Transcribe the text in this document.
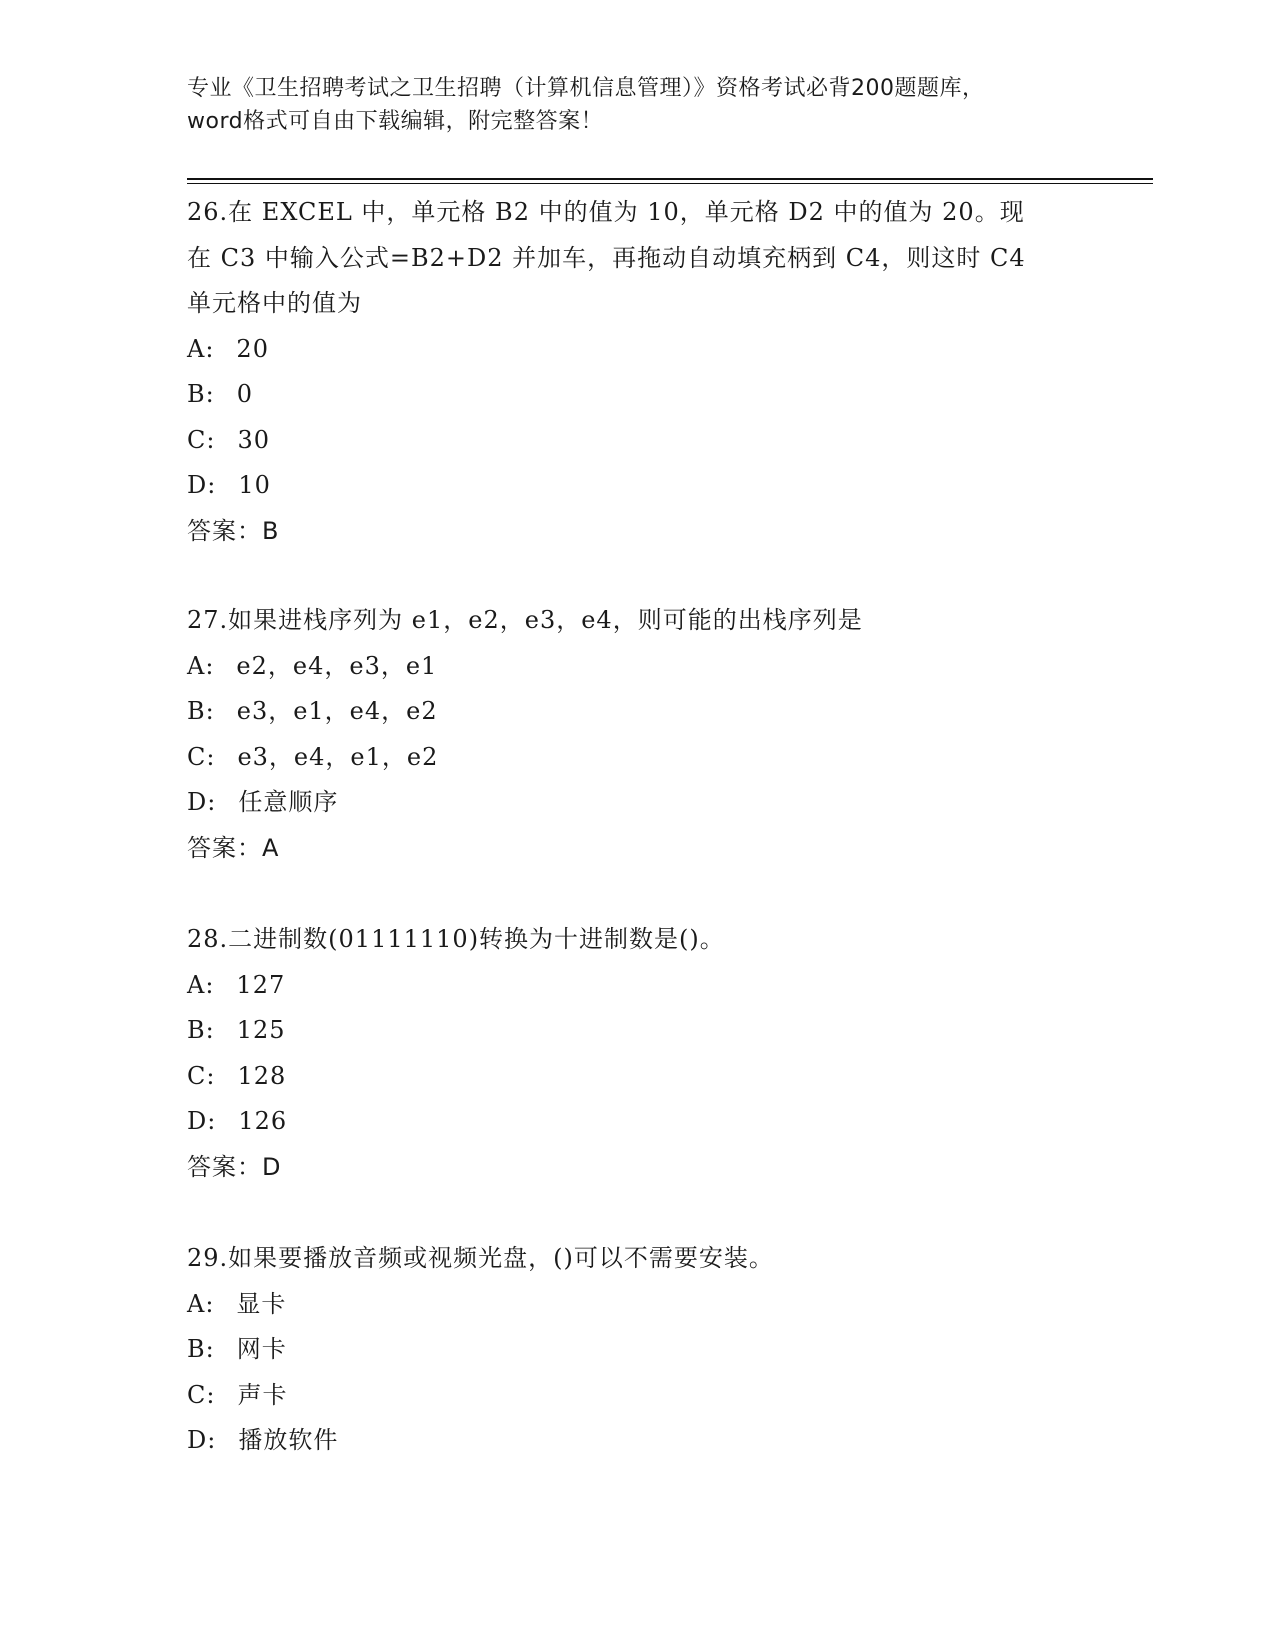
专业《卫生招聘考试之卫生招聘（计算机信息管理）》资格考试必背200题题库，
word格式可自由下载编辑，附完整答案！
26.在 EXCEL 中，单元格 B2 中的值为 10，单元格 D2 中的值为 20。现
在 C3 中输入公式=B2+D2 并加车，再拖动自动填充柄到 C4，则这时 C4
单元格中的值为
A: 20
B: 0
C: 30
D: 10
答案：B
27.如果进栈序列为 e1，e2，e3，e4，则可能的出栈序列是
A: e2，e4，e3，e1
B: e3，e1，e4，e2
C: e3，e4，e1，e2
D: 任意顺序
答案：A
28.二进制数(01111110)转换为十进制数是()。
A: 127
B: 125
C: 128
D: 126
答案：D
29.如果要播放音频或视频光盘，()可以不需要安装。
A: 显卡
B: 网卡
C: 声卡
D: 播放软件
